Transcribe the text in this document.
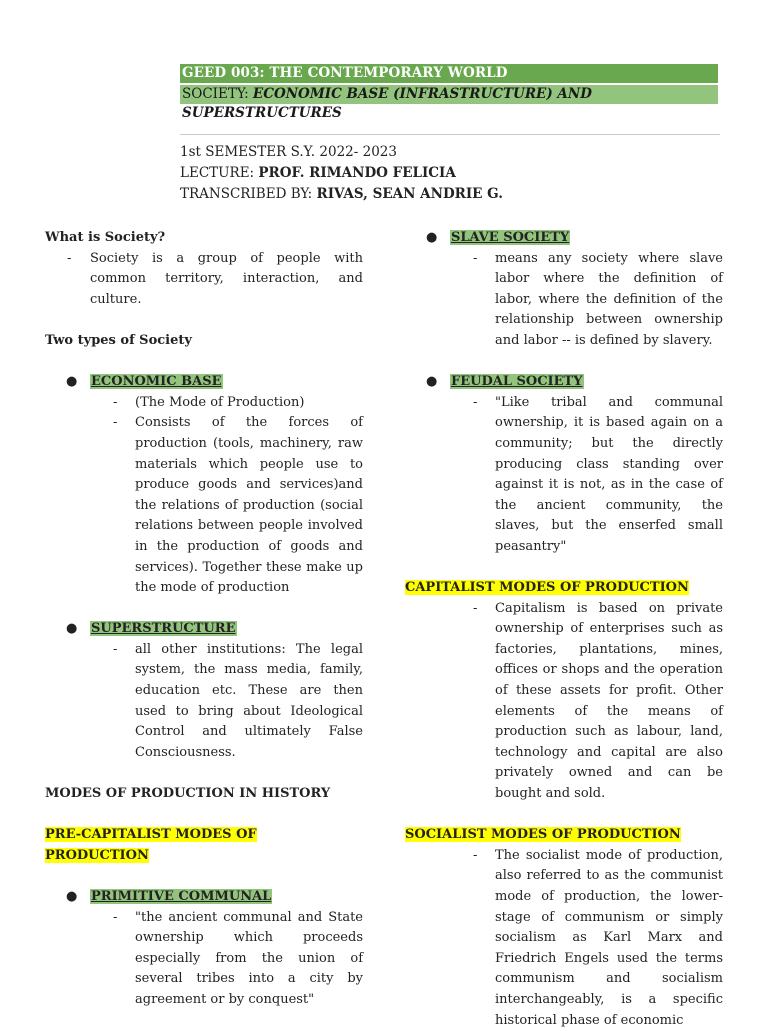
GEED 003: THE CONTEMPORARY WORLD
SOCIETY: ECONOMIC BASE (INFRASTRUCTURE) AND SUPERSTRUCTURES
1st SEMESTER S.Y. 2022- 2023
LECTURE: PROF. RIMANDO FELICIA
TRANSCRIBED BY: RIVAS, SEAN ANDRIE G.

What is Society?

- Society is a group of people with common territory, interaction, and culture.

Two types of Society

● ECONOMIC BASE
- (The Mode of Production)
- Consists of the forces of production (tools, machinery, raw materials which people use to produce goods and services)and the relations of production (social relations between people involved in the production of goods and services). Together these make up the mode of production
● SUPERSTRUCTURE
- all other institutions: The legal system, the mass media, family, education etc. These are then used to bring about Ideological Control and ultimately False Consciousness.

MODES OF PRODUCTION IN HISTORY

PRE-CAPITALIST MODES OF PRODUCTION
● PRIMITIVE COMMUNAL
- "the ancient communal and State ownership which proceeds especially from the union of several tribes into a city by agreement or by conquest"
● SLAVE SOCIETY
- means any society where slave labor where the definition of labor, where the definition of the relationship between ownership and labor -- is defined by slavery.
● FEUDAL SOCIETY
- "Like tribal and communal ownership, it is based again on a community; but the directly producing class standing over against it is not, as in the case of the ancient community, the slaves, but the enserfed small peasantry"
CAPITALIST MODES OF PRODUCTION
- Capitalism is based on private ownership of enterprises such as factories, plantations, mines, offices or shops and the operation of these assets for profit. Other elements of the means of production such as labour, land, technology and capital are also privately owned and can be bought and sold.
SOCIALIST MODES OF PRODUCTION
- The socialist mode of production, also referred to as the communist mode of production, the lower-stage of communism or simply socialism as Karl Marx and Friedrich Engels used the terms communism and socialism interchangeably, is a specific historical phase of economic
